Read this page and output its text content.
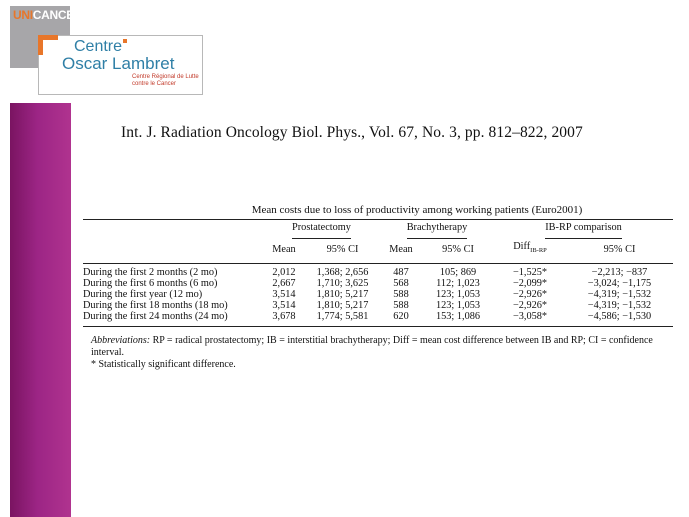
UNICANCER
Centre
Oscar Lambret
Centre Régional de Lutte
contre le Cancer
Int. J. Radiation Oncology Biol. Phys., Vol. 67, No. 3, pp. 812–822, 2007
Mean costs due to loss of productivity among working patients (Euro2001)
	Prostatectomy		Brachytherapy		IB-RP comparison	
	Mean	95% CI	Mean	95% CI	Diff$_{IB-RP}$	95% CI

During the first 2 months (2 mo)	2,012	1,368; 2,656	487	105; 869	−1,525*	−2,213; −837
During the first 6 months (6 mo)	2,667	1,710; 3,625	568	112; 1,023	−2,099*	−3,024; −1,175
During the first year (12 mo)	3,514	1,810; 5,217	588	123; 1,053	−2,926*	−4,319; −1,532
During the first 18 months (18 mo)	3,514	1,810; 5,217	588	123; 1,053	−2,926*	−4,319; −1,532
During the first 24 months (24 mo)	3,678	1,774; 5,581	620	153; 1,086	−3,058*	−4,586; −1,530
Abbreviations: RP = radical prostatectomy; IB = interstitial brachytherapy; Diff = mean cost difference between IB and RP; CI = confidence interval.
* Statistically significant difference.
